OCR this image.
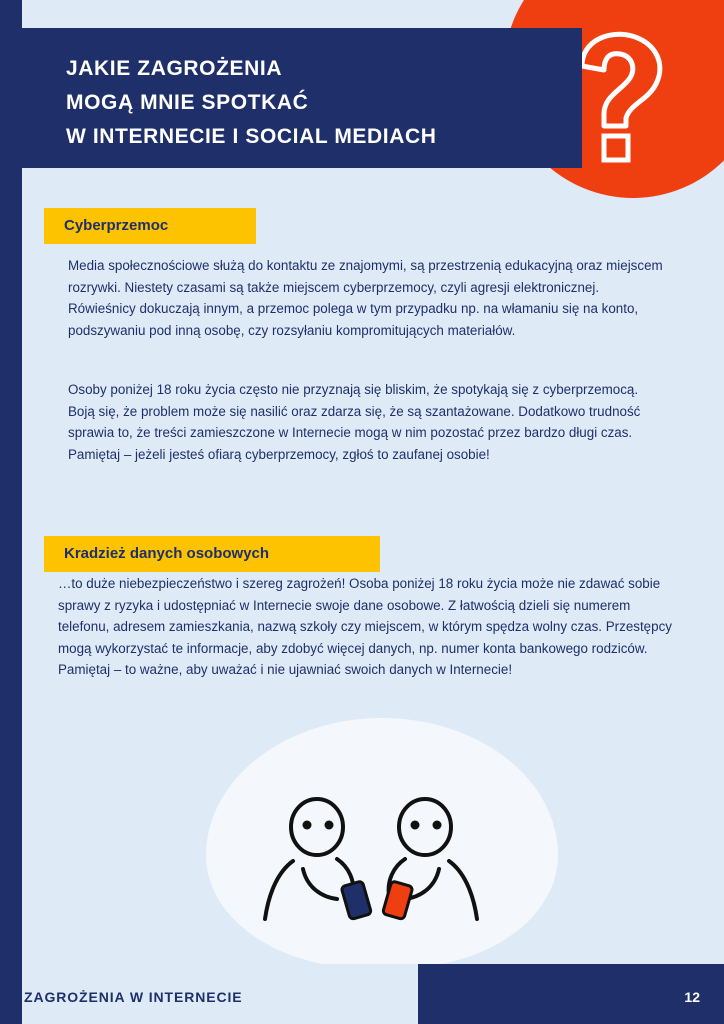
JAKIE ZAGROŻENIA
MOGĄ MNIE SPOTKAĆ
W INTERNECIE I SOCIAL MEDIACH
Cyberprzemoc

Media społecznościowe służą do kontaktu ze znajomymi, są przestrzenią edukacyjną oraz miejscem rozrywki. Niestety czasami są także miejscem cyberprzemocy, czyli agresji elektronicznej. Rówieśnicy dokuczają innym, a przemoc polega w tym przypadku np. na włamaniu się na konto, podszywaniu pod inną osobę, czy rozsyłaniu kompromitujących materiałów.

Osoby poniżej 18 roku życia często nie przyznają się bliskim, że spotykają się z cyberprzemocą. Boją się, że problem może się nasilić oraz zdarza się, że są szantażowane. Dodatkowo trudność sprawia to, że treści zamieszczone w Internecie mogą w nim pozostać przez bardzo długi czas. Pamiętaj – jeżeli jesteś ofiarą cyberprzemocy, zgłoś to zaufanej osobie!

Kradzież danych osobowych

…to duże niebezpieczeństwo i szereg zagrożeń! Osoba poniżej 18 roku życia może nie zdawać sobie sprawy z ryzyka i udostępniać w Internecie swoje dane osobowe. Z łatwością dzieli się numerem telefonu, adresem zamieszkania, nazwą szkoły czy miejscem, w którym spędza wolny czas. Przestępcy mogą wykorzystać te informacje, aby zdobyć więcej danych, np. numer konta bankowego rodziców. Pamiętaj – to ważne, aby uważać i nie ujawniać swoich danych w Internecie!

ZAGROŻENIA W INTERNECIE	12
